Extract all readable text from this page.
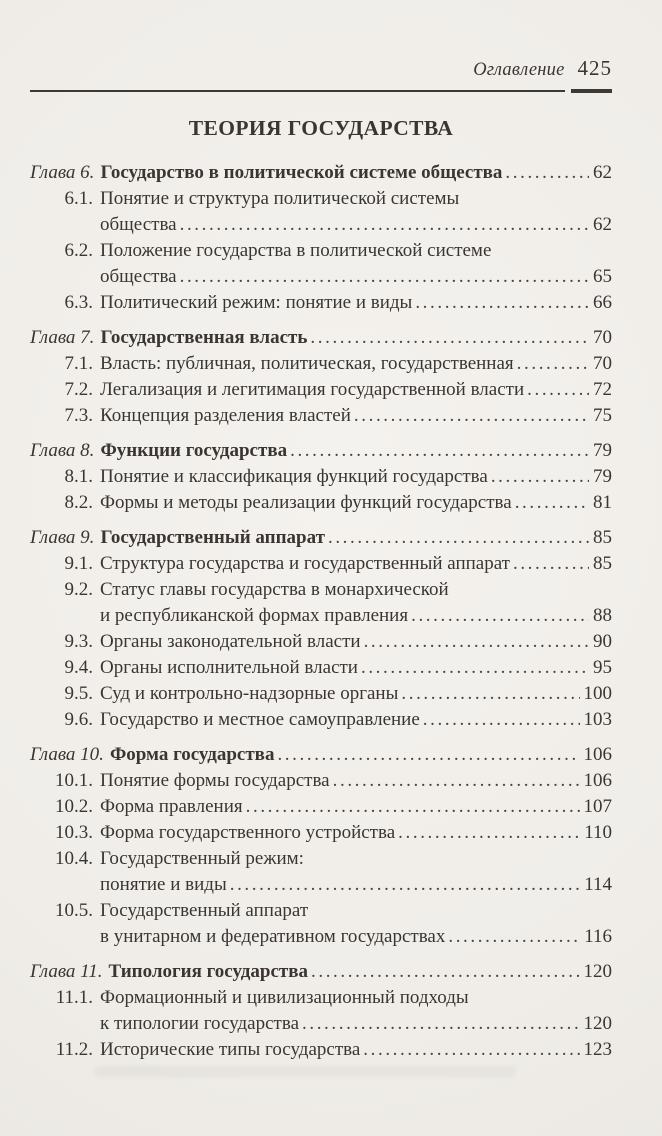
Оглавление 425
ТЕОРИЯ ГОСУДАРСТВА
Глава 6. Государство в политической системе общества .....	62
6.1. Понятие и структура политической системы
общества .....	62
6.2. Положение государства в политической системе
общества .....	65
6.3. Политический режим: понятие и виды .....	66
Глава 7. Государственная власть .....	70
7.1. Власть: публичная, политическая, государственная .....	70
7.2. Легализация и легитимация государственной власти .....	72
7.3. Концепция разделения властей .....	75
Глава 8. Функции государства .....	79
8.1. Понятие и классификация функций государства .....	79
8.2. Формы и методы реализации функций государства .....	81
Глава 9. Государственный аппарат .....	85
9.1. Структура государства и государственный аппарат .....	85
9.2. Статус главы государства в монархической
и республиканской формах правления .....	88
9.3. Органы законодательной власти .....	90
9.4. Органы исполнительной власти .....	95
9.5. Суд и контрольно-надзорные органы .....	100
9.6. Государство и местное самоуправление .....	103
Глава 10. Форма государства .....	106
10.1. Понятие формы государства .....	106
10.2. Форма правления .....	107
10.3. Форма государственного устройства .....	110
10.4. Государственный режим:
понятие и виды .....	114
10.5. Государственный аппарат
в унитарном и федеративном государствах .....	116
Глава 11. Типология государства .....	120
11.1. Формационный и цивилизационный подходы
к типологии государства .....	120
11.2. Исторические типы государства .....	123
